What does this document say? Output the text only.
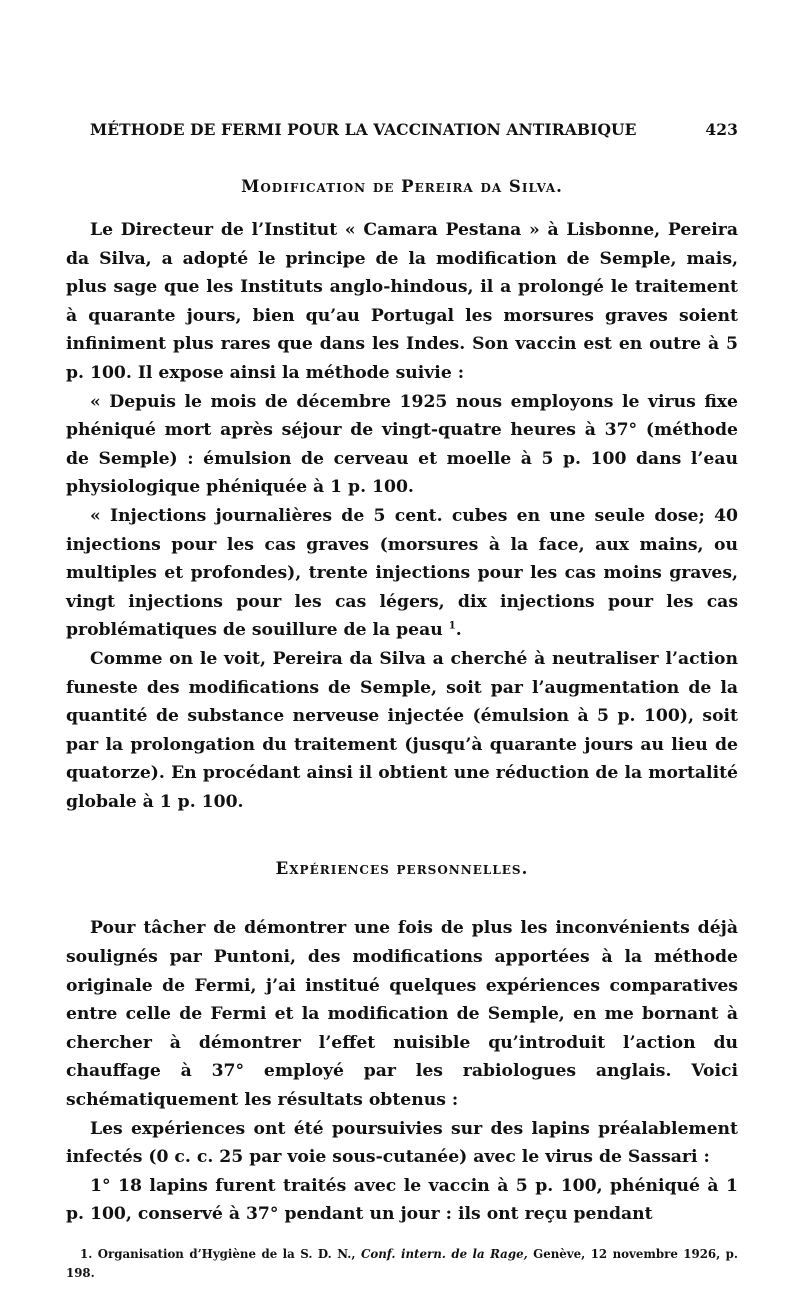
MÉTHODE DE FERMI POUR LA VACCINATION ANTIRABIQUE	423
Modification de Pereira da Silva.

Le Directeur de l’Institut « Camara Pestana » à Lisbonne, Pereira da Silva, a adopté le principe de la modification de Semple, mais, plus sage que les Instituts anglo-hindous, il a prolongé le traitement à quarante jours, bien qu’au Portugal les morsures graves soient infiniment plus rares que dans les Indes. Son vaccin est en outre à 5 p. 100. Il expose ainsi la méthode suivie :

« Depuis le mois de décembre 1925 nous employons le virus fixe phéniqué mort après séjour de vingt-quatre heures à 37° (méthode de Semple) : émulsion de cerveau et moelle à 5 p. 100 dans l’eau physiologique phéniquée à 1 p. 100.

« Injections journalières de 5 cent. cubes en une seule dose; 40 injections pour les cas graves (morsures à la face, aux mains, ou multiples et profondes), trente injections pour les cas moins graves, vingt injections pour les cas légers, dix injections pour les cas problématiques de souillure de la peau $^1$.

Comme on le voit, Pereira da Silva a cherché à neutraliser l’action funeste des modifications de Semple, soit par l’augmentation de la quantité de substance nerveuse injectée (émulsion à 5 p. 100), soit par la prolongation du traitement (jusqu’à quarante jours au lieu de quatorze). En procédant ainsi il obtient une réduction de la mortalité globale à 1 p. 100.

Expériences personnelles.

Pour tâcher de démontrer une fois de plus les inconvénients déjà soulignés par Puntoni, des modifications apportées à la méthode originale de Fermi, j’ai institué quelques expériences comparatives entre celle de Fermi et la modification de Semple, en me bornant à chercher à démontrer l’effet nuisible qu’introduit l’action du chauffage à 37° employé par les rabiologues anglais. Voici schématiquement les résultats obtenus :

Les expériences ont été poursuivies sur des lapins préalablement infectés (0 c. c. 25 par voie sous-cutanée) avec le virus de Sassari :

1° 18 lapins furent traités avec le vaccin à 5 p. 100, phéniqué à 1 p. 100, conservé à 37° pendant un jour : ils ont reçu pendant

1. Organisation d’Hygiène de la S. D. N., Conf. intern. de la Rage, Genève, 12 novembre 1926, p. 198.
